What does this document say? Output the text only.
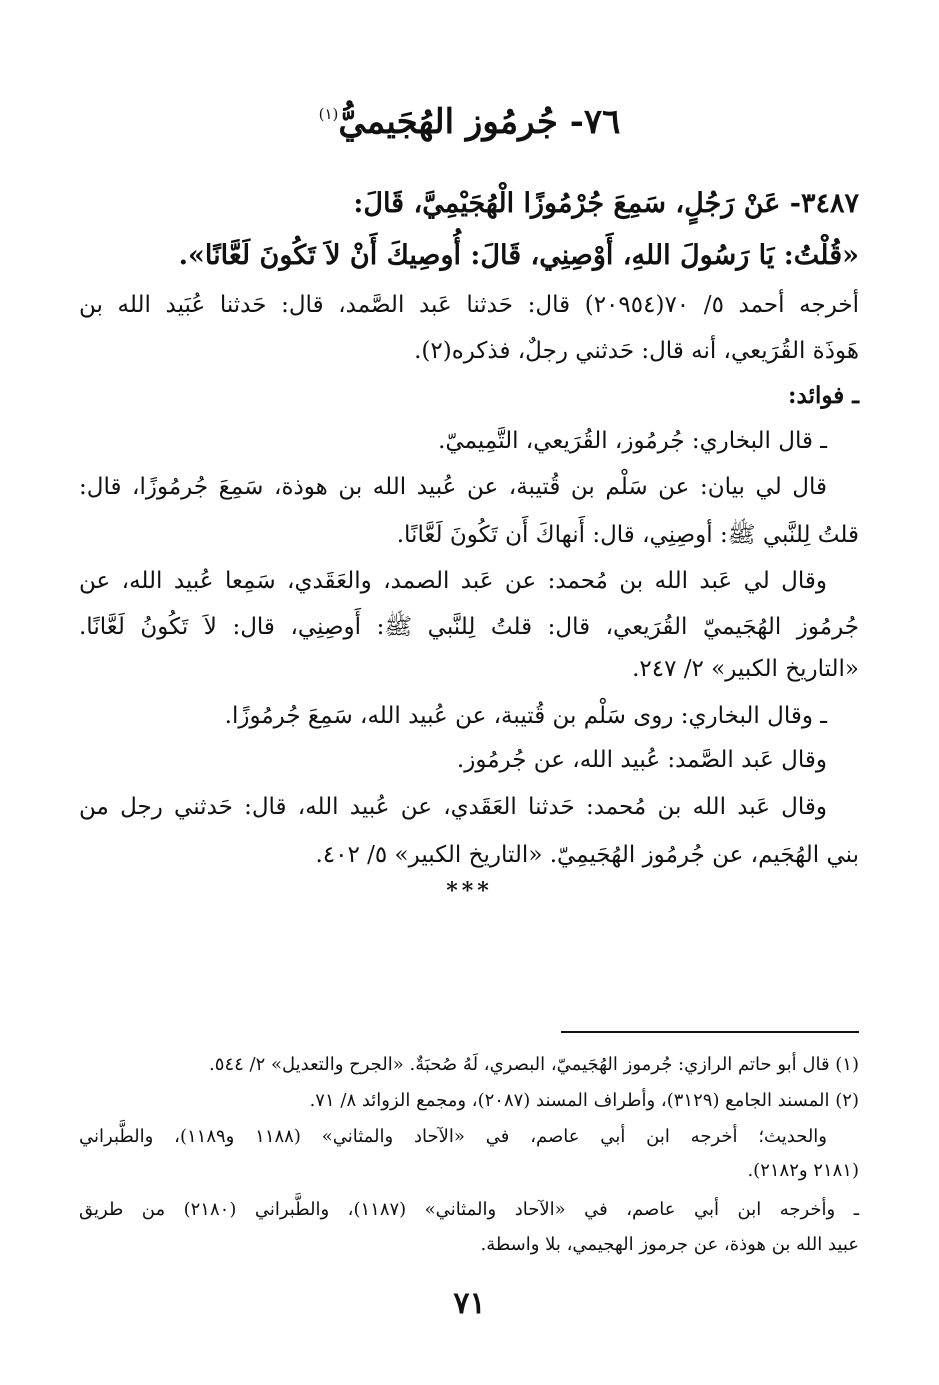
٧٦- جُرمُوز الهُجَيميُّ$^{(١)}$
٣٤٨٧- عَنْ رَجُلٍ، سَمِعَ جُرْمُوزًا الْهُجَيْمِيَّ، قَالَ:
«قُلْتُ: يَا رَسُولَ اللهِ، أَوْصِنِي، قَالَ: أُوصِيكَ أَنْ لاَ تَكُونَ لَعَّانًا».
أخرجه أحمد ٥/ ٧٠(٢٠٩٥٤) قال: حَدثنا عَبد الصَّمد، قال: حَدثنا عُبَيد الله بن
هَوذَة القُرَيعي، أنه قال: حَدثني رجلٌ، فذكره(٢).
ـ فوائد:
ـ قال البخاري: جُرمُوز، القُرَيعي، التَّمِيميّ.
قال لي بيان: عن سَلْم بن قُتيبة، عن عُبيد الله بن هوذة، سَمِعَ جُرمُوزًا، قال:
قلتُ لِلنَّبي ﷺ: أوصِنِي، قال: أَنهاكَ أَن تَكُونَ لَعَّانًا.
وقال لي عَبد الله بن مُحمد: عن عَبد الصمد، والعَقَدي، سَمِعا عُبيد الله، عن
جُرمُوز الهُجَيميّ القُرَيعي، قال: قلتُ لِلنَّبي ﷺ: أَوصِنِي، قال: لاَ تَكُونُ لَعَّانًا.
«التاريخ الكبير» ٢/ ٢٤٧.
ـ وقال البخاري: روى سَلْم بن قُتيبة، عن عُبيد الله، سَمِعَ جُرمُوزًا.
وقال عَبد الصَّمد: عُبيد الله، عن جُرمُوز.
وقال عَبد الله بن مُحمد: حَدثنا العَقَدي، عن عُبيد الله، قال: حَدثني رجل من
بني الهُجَيم، عن جُرمُوز الهُجَيمِيّ. «التاريخ الكبير» ٥/ ٤٠٢.
***
(١) قال أبو حاتم الرازي: جُرموز الهُجَيميّ، البصري، لَهُ صُحبَةٌ. «الجرح والتعديل» ٢/ ٥٤٤.
(٢) المسند الجامع (٣١٢٩)، وأطراف المسند (٢٠٨٧)، ومجمع الزوائد ٨/ ٧١.
والحديث؛ أخرجه ابن أبي عاصم، في «الآحاد والمثاني» (١١٨٨ و١١٨٩)، والطَّبراني
(٢١٨١ و٢١٨٢).
ـ وأخرجه ابن أبي عاصم، في «الآحاد والمثاني» (١١٨٧)، والطَّبراني (٢١٨٠) من طريق
عبيد الله بن هوذة، عن جرموز الهجيمي، بلا واسطة.
٧١
